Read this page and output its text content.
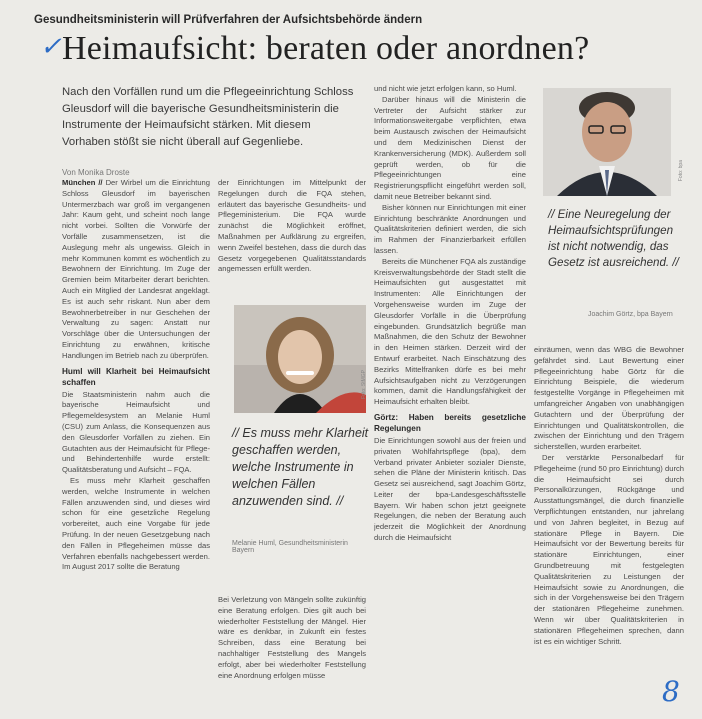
Gesundheitsministerin will Prüfverfahren der Aufsichtsbehörde ändern
✓ Heimaufsicht: beraten oder anordnen?
Nach den Vorfällen rund um die Pflegeeinrichtung Schloss Gleusdorf will die bayerische Gesundheitsministerin die Instrumente der Heimaufsicht stärken. Mit diesem Vorhaben stößt sie nicht überall auf Gegenliebe.
Von Monika Droste

München // Der Wirbel um die Einrichtung Schloss Gleusdorf im bayerischen Untermerzbach war groß im vergangenen Jahr: Kaum geht, und scheint noch lange nicht vorbei. Sollten die Vorwürfe der Vorfälle zusammensetzen, ist die Auslegung mehr als ungewiss. Gleich in mehr Kommunen kommt es wöchentlich zu Bewohnern der Einrichtung. Im Zuge der Gremien beim Mitarbeiter derart berichten. Auch ein Mitglied der Landesrat angeklagt. Es ist auch sehr riskant. Nun aber dem Bewohnerbetreiber in nur Geschehen der Verwaltung zu sagen: Anstatt nur Vorschläge über die Untersuchungen der Einrichtung zu erwähnen, kritische Handlungen im Betrieb nach zu überprüfen.

Huml will Klarheit bei Heimaufsicht schaffen

Die Staatsministerin nahm auch die bayerische Heimaufsicht und Pflegemeldesystem an Melanie Huml (CSU) zum Anlass, die Konsequenzen aus den Gleusdorfer Vorfällen zu ziehen. Ein Gutachten aus der Heimaufsicht für Pflege- und Behindertenhilfe wurde erstellt: Qualitätsberatung und Aufsicht – FQA.

Es muss mehr Klarheit geschaffen werden, welche Instrumente in welchen Fällen anzuwenden sind, und dieses wird schon für eine gesetzliche Regelung vorbereitet, auch eine Vorgabe für jede Prüfung. In der neuen Gesetzgebung nach den Fällen in Pflegeheimen müsse das Verfahren ebenfalls nachgebessert werden. Im August 2017 sollte die Beratung

der Einrichtungen im Mittelpunkt der Regelungen durch die FQA stehen, erläutert das bayerische Gesundheits- und Pflegeministerium. Die FQA wurde zunächst die Möglichkeit eröffnet, Maßnahmen per Aufklärung zu ergreifen, wenn Zweifel bestehen, dass die durch das Gesetz vorgegebenen Qualitätsstandards angemessen erfüllt werden.

Foto: StMGP
// Es muss mehr Klarheit geschaffen werden, welche Instrumente in welchen Fällen anzuwenden sind. //
Melanie Huml, Gesundheitsministerin Bayern

Bei Verletzung von Mängeln sollte zukünftig eine Beratung erfolgen. Dies gilt auch bei wiederholter Feststellung der Mängel. Hier wäre es denkbar, in Zukunft ein festes Schreiben, dass eine Beratung bei nachhaltiger Feststellung des Mangels erfolgt, aber bei wiederholter Feststellung eine Anordnung erfolgen müsse

und nicht wie jetzt erfolgen kann, so Huml.

Darüber hinaus will die Ministerin die Vertreter der Aufsicht stärker zur Informationsweitergabe verpflichten, etwa beim Austausch zwischen der Heimaufsicht und dem Medizinischen Dienst der Krankenversicherung (MDK). Außerdem soll geprüft werden, ob für die Pflegeeinrichtungen eine Registrierungspflicht eingeführt werden soll, damit neue Betreiber bekannt sind.

Bisher können nur Einrichtungen mit einer Einrichtung beschränkte Anordnungen und Qualitätskriterien definiert werden, die sich im Rahmen der Finanzierbarkeit erfüllen lassen.

Bereits die Münchener FQA als zuständige Kreisverwaltungsbehörde der Stadt stellt die Heimaufsichten gut ausgestattet mit Instrumenten: Alle Einrichtungen der Vorgehensweise wurden im Zuge der Gleusdorfer Vorfälle in die Überprüfung eingebunden. Grundsätzlich begrüße man Maßnahmen, die den Schutz der Bewohner in den Heimen stärken. Derzeit wird der Entwurf erarbeitet. Nach Einschätzung des Bezirks Mittelfranken dürfe es bei mehr Aufsichtsaufgaben nicht zu Verzögerungen kommen, damit die Handlungsfähigkeit der Heimaufsicht erhalten bleibt.

Görtz: Haben bereits gesetzliche Regelungen

Die Einrichtungen sowohl aus der freien und privaten Wohlfahrtspflege (bpa), dem Verband privater Anbieter sozialer Dienste, sehen die Pläne der Ministerin kritisch. Das Gesetz sei ausreichend, sagt Joachim Görtz, Leiter der bpa-Landesgeschäftsstelle Bayern. Wir haben schon jetzt geeignete Regelungen, die neben der Beratung auch jederzeit die Möglichkeit der Anordnung durch die Heimaufsicht

Foto: bpa
// Eine Neuregelung der Heimaufsichtsprüfungen ist nicht notwendig, das Gesetz ist ausreichend. //
Joachim Görtz, bpa Bayern

einräumen, wenn das WBG die Bewohner gefährdet sind. Laut Bewertung einer Pflegeeinrichtung habe Görtz für die Einrichtung Beispiele, die wiederum festgestellte Vorgänge in Pflegeheimen mit umfangreicher Angaben von unabhängigen Gutachtern und der Überprüfung der Einrichtungen und Qualitätskontrollen, die zwischen der Einrichtung und den Trägern sicherstellen, wurden erarbeitet.

Der verstärkte Personalbedarf für Pflegeheime (rund 50 pro Einrichtung) durch die Heimaufsicht sei durch Personalkürzungen, Rückgänge und Ausstattungsmängel, die durch finanzielle Verpflichtungen entstanden, nur jahrelang und von Jahren begleitet, in Bezug auf stationäre Pflege in Bayern. Die Heimaufsicht vor der Bewertung bereits für stationäre Einrichtungen, einer Grundbetreuung mit festgelegten Qualitätskriterien zu Leistungen der Heimaufsicht sowie zu Anordnungen, die sich in der Vorgehensweise bei den Trägern der stationären Pflegeheime zunehmen. Wenn wir über Qualitätskriterien in stationären Pflegeheimen sprechen, dann ist es ein wichtiger Schritt.

8
